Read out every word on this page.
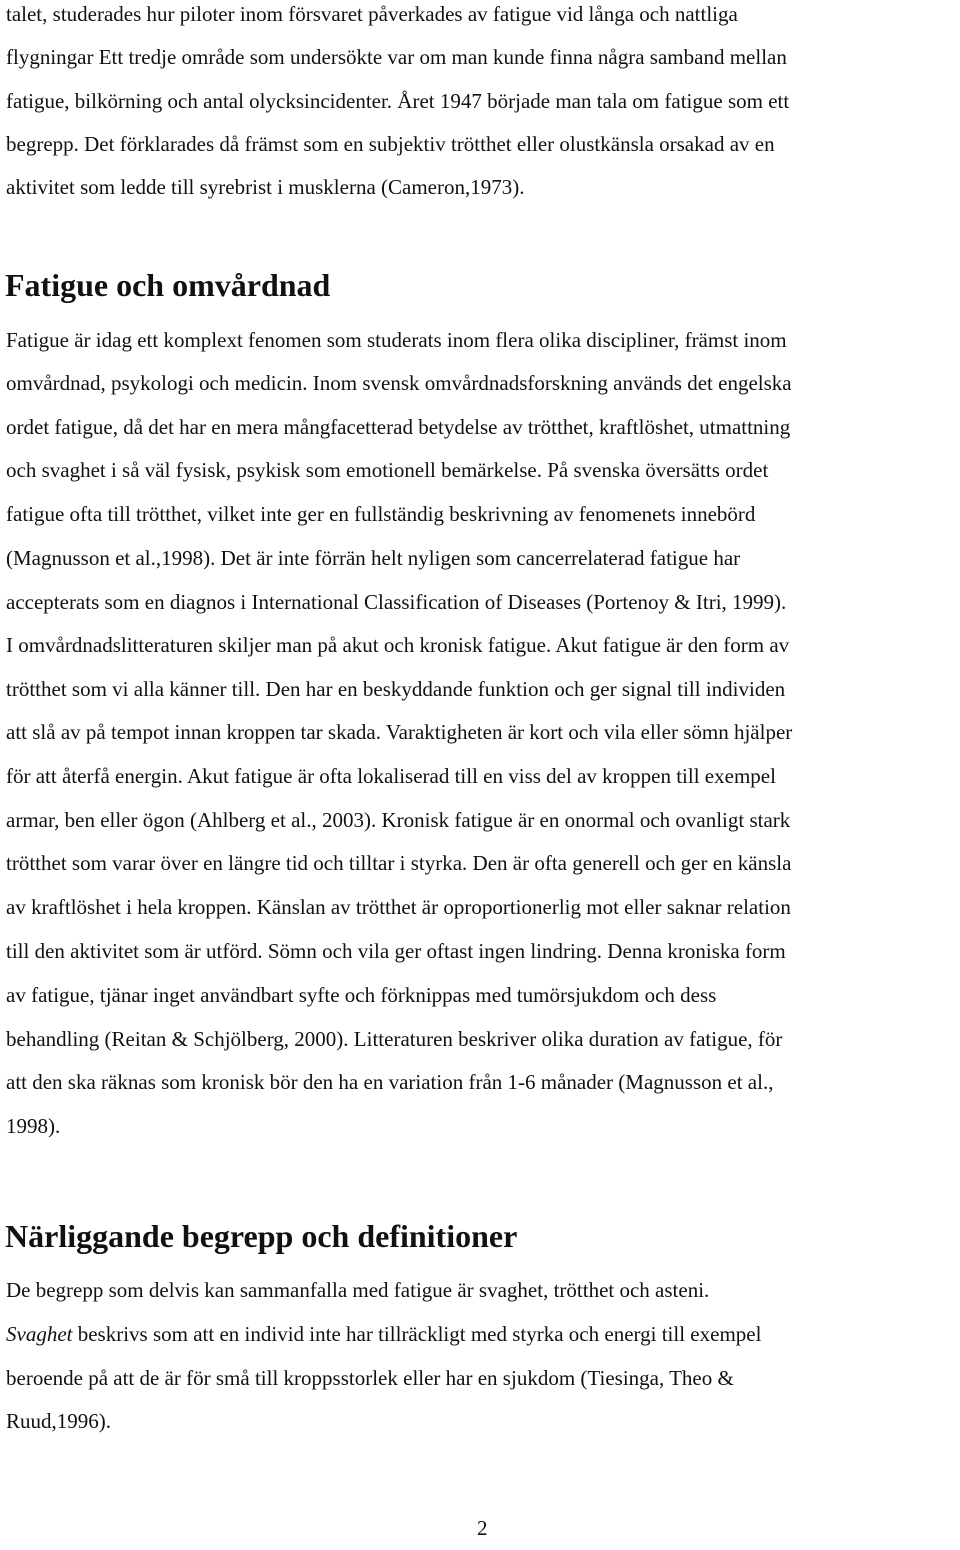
talet, studerades hur piloter inom försvaret påverkades av fatigue vid långa och nattliga
flygningar Ett tredje område som undersökte var om man kunde finna några samband mellan
fatigue, bilkörning och antal olycksincidenter. Året 1947 började man tala om fatigue som ett
begrepp. Det förklarades då främst som en subjektiv trötthet eller olustkänsla orsakad av en
aktivitet som ledde till syrebrist i musklerna (Cameron,1973).
Fatigue och omvårdnad
Fatigue är idag ett komplext fenomen som studerats inom flera olika discipliner, främst inom
omvårdnad, psykologi och medicin. Inom svensk omvårdnadsforskning används det engelska
ordet fatigue, då det har en mera mångfacetterad betydelse av trötthet, kraftlöshet, utmattning
och svaghet i så väl fysisk, psykisk som emotionell bemärkelse. På svenska översätts ordet
fatigue ofta till trötthet, vilket inte ger en fullständig beskrivning av fenomenets innebörd
(Magnusson et al.,1998). Det är inte förrän helt nyligen som cancerrelaterad fatigue har
accepterats som en diagnos i International Classification of Diseases (Portenoy & Itri, 1999).
I omvårdnadslitteraturen skiljer man på akut och kronisk fatigue. Akut fatigue är den form av
trötthet som vi alla känner till. Den har en beskyddande funktion och ger signal till individen
att slå av på tempot innan kroppen tar skada. Varaktigheten är kort och vila eller sömn hjälper
för att återfå energin. Akut fatigue är ofta lokaliserad till en viss del av kroppen till exempel
armar, ben eller ögon (Ahlberg et al., 2003). Kronisk fatigue är en onormal och ovanligt stark
trötthet som varar över en längre tid och tilltar i styrka. Den är ofta generell och ger en känsla
av kraftlöshet i hela kroppen. Känslan av trötthet är oproportionerlig mot eller saknar relation
till den aktivitet som är utförd. Sömn och vila ger oftast ingen lindring. Denna kroniska form
av fatigue, tjänar inget användbart syfte och förknippas med tumörsjukdom och dess
behandling (Reitan & Schjölberg, 2000). Litteraturen beskriver olika duration av fatigue, för
att den ska räknas som kronisk bör den ha en variation från 1-6 månader (Magnusson et al.,
1998).
Närliggande begrepp och definitioner
De begrepp som delvis kan sammanfalla med fatigue är svaghet, trötthet och asteni.
Svaghet beskrivs som att en individ inte har tillräckligt med styrka och energi till exempel
beroende på att de är för små till kroppsstorlek eller har en sjukdom (Tiesinga, Theo &
Ruud,1996).
2
